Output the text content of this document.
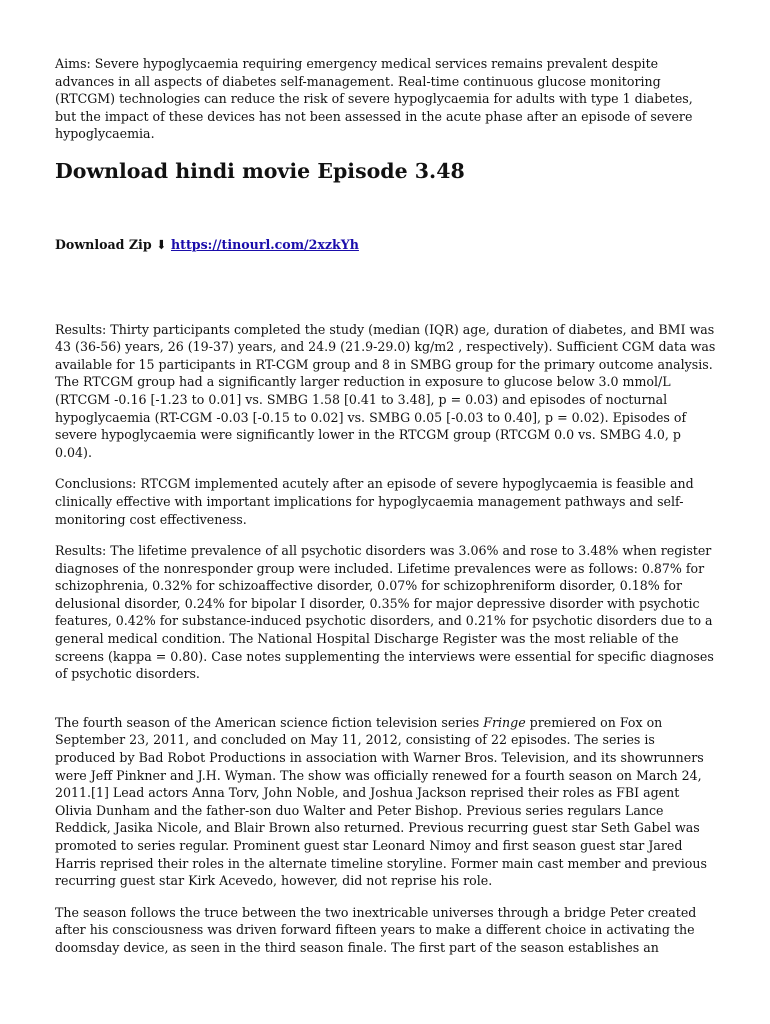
Aims: Severe hypoglycaemia requiring emergency medical services remains prevalent despite advances in all aspects of diabetes self-management. Real-time continuous glucose monitoring (RTCGM) technologies can reduce the risk of severe hypoglycaemia for adults with type 1 diabetes, but the impact of these devices has not been assessed in the acute phase after an episode of severe hypoglycaemia.

Download hindi movie Episode 3.48

Download Zip ⬇ https://tinourl.com/2xzkYh

Results: Thirty participants completed the study (median (IQR) age, duration of diabetes, and BMI was 43 (36-56) years, 26 (19-37) years, and 24.9 (21.9-29.0) kg/m2 , respectively). Sufficient CGM data was available for 15 participants in RT-CGM group and 8 in SMBG group for the primary outcome analysis. The RTCGM group had a significantly larger reduction in exposure to glucose below 3.0 mmol/L (RTCGM -0.16 [-1.23 to 0.01] vs. SMBG 1.58 [0.41 to 3.48], p = 0.03) and episodes of nocturnal hypoglycaemia (RT-CGM -0.03 [-0.15 to 0.02] vs. SMBG 0.05 [-0.03 to 0.40], p = 0.02). Episodes of severe hypoglycaemia were significantly lower in the RTCGM group (RTCGM 0.0 vs. SMBG 4.0, p 0.04).

Conclusions: RTCGM implemented acutely after an episode of severe hypoglycaemia is feasible and clinically effective with important implications for hypoglycaemia management pathways and self-monitoring cost effectiveness.

Results: The lifetime prevalence of all psychotic disorders was 3.06% and rose to 3.48% when register diagnoses of the nonresponder group were included. Lifetime prevalences were as follows: 0.87% for schizophrenia, 0.32% for schizoaffective disorder, 0.07% for schizophreniform disorder, 0.18% for delusional disorder, 0.24% for bipolar I disorder, 0.35% for major depressive disorder with psychotic features, 0.42% for substance-induced psychotic disorders, and 0.21% for psychotic disorders due to a general medical condition. The National Hospital Discharge Register was the most reliable of the screens (kappa = 0.80). Case notes supplementing the interviews were essential for specific diagnoses of psychotic disorders.

The fourth season of the American science fiction television series Fringe premiered on Fox on September 23, 2011, and concluded on May 11, 2012, consisting of 22 episodes. The series is produced by Bad Robot Productions in association with Warner Bros. Television, and its showrunners were Jeff Pinkner and J.H. Wyman. The show was officially renewed for a fourth season on March 24, 2011.[1] Lead actors Anna Torv, John Noble, and Joshua Jackson reprised their roles as FBI agent Olivia Dunham and the father-son duo Walter and Peter Bishop. Previous series regulars Lance Reddick, Jasika Nicole, and Blair Brown also returned. Previous recurring guest star Seth Gabel was promoted to series regular. Prominent guest star Leonard Nimoy and first season guest star Jared Harris reprised their roles in the alternate timeline storyline. Former main cast member and previous recurring guest star Kirk Acevedo, however, did not reprise his role.

The season follows the truce between the two inextricable universes through a bridge Peter created after his consciousness was driven forward fifteen years to make a different choice in activating the doomsday device, as seen in the third season finale. The first part of the season establishes an
